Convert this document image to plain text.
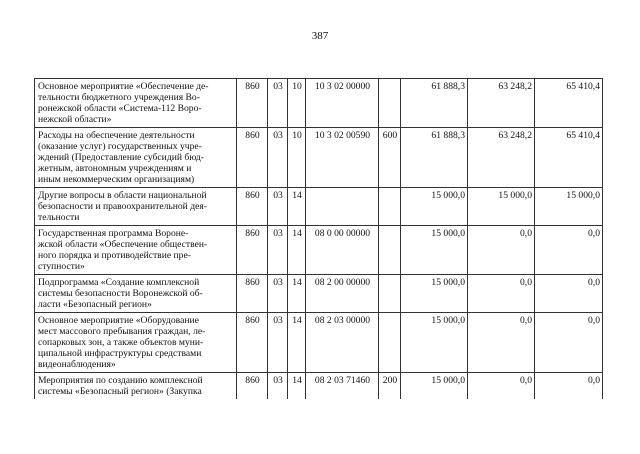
387
Основное мероприятие «Обеспечение де-
тельности бюджетного учреждения Во-
ронежской области «Система-112 Воро-
нежской области»	860	03	10	10 3 02 00000		61 888,3	63 248,2	65 410,4
Расходы на обеспечение деятельности
(оказание услуг) государственных учре-
ждений (Предоставление субсидий бюд-
жетным, автономным учреждениям и
иным некоммерческим организациям)	860	03	10	10 3 02 00590	600	61 888,3	63 248,2	65 410,4
Другие вопросы в области национальной
безопасности и правоохранительной дея-
тельности	860	03	14			15 000,0	15 000,0	15 000,0
Государственная программа Вороне-
жской области «Обеспечение обществен-
ного порядка и противодействие пре-
ступности»	860	03	14	08 0 00 00000		15 000,0	0,0	0,0
Подпрограмма «Создание комплексной
системы безопасности Воронежской об-
ласти «Безопасный регион»	860	03	14	08 2 00 00000		15 000,0	0,0	0,0
Основное мероприятие «Оборудование
мест массового пребывания граждан, ле-
сопарковых зон, а также объектов муни-
ципальной инфраструктуры средствами
видеонаблюдения»	860	03	14	08 2 03 00000		15 000,0	0,0	0,0
Мероприятия по созданию комплексной
системы «Безопасный регион» (Закупка	860	03	14	08 2 03 71460	200	15 000,0	0,0	0,0
